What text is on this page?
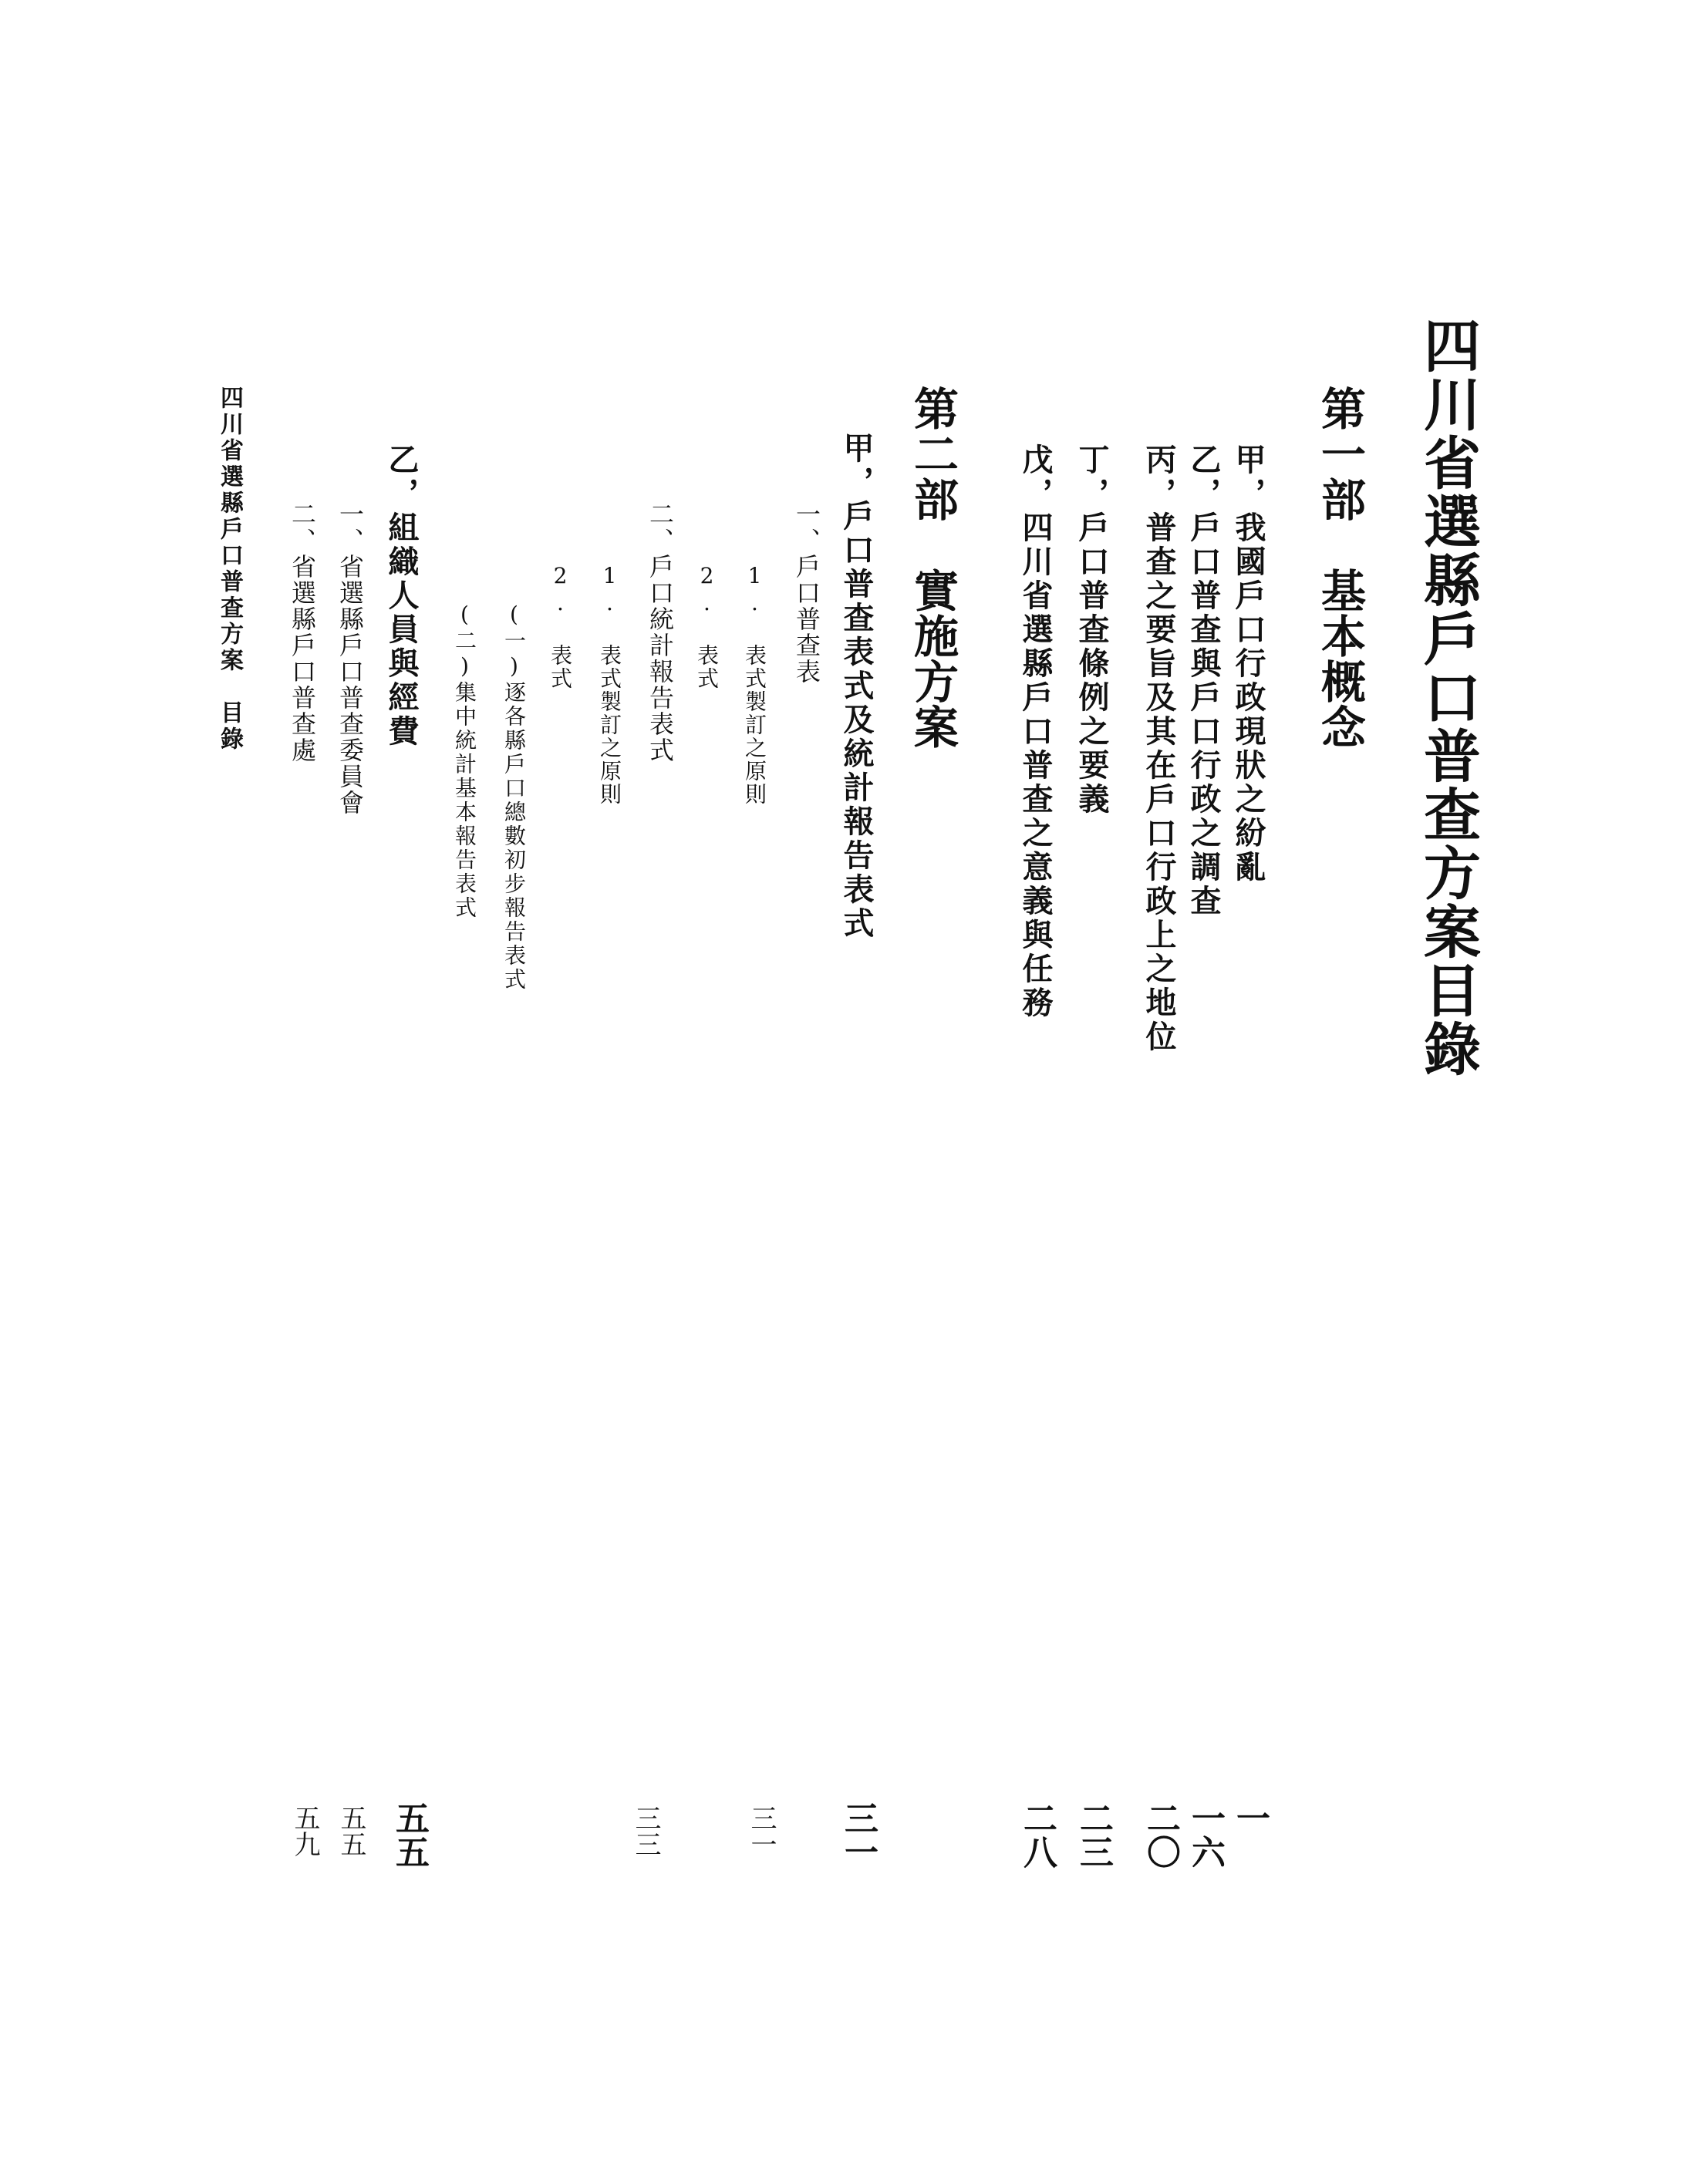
四川省選縣戶口普查方案目錄
第一部　基本概念
甲，我國戶口行政現狀之紛亂
乙，戶口普查與戶口行政之調查
丙，普查之要旨及其在戶口行政上之地位
丁，戶口普查條例之要義
戊，四川省選縣戶口普查之意義與任務
第二部　實施方案
甲，戶口普查表式及統計報告表式
一、戶口普查表
1. 表式製訂之原則
2. 表式
二、戶口統計報告表式
1. 表式製訂之原則
2. 表式
(一)逐各縣戶口總數初步報告表式
(二)集中統計基本報告表式
乙，組織人員與經費
一、省選縣戶口普查委員會
二、省選縣戶口普查處
四川省選縣戶口普查方案　目錄
一
一六
二〇
二三
二八
三一
三一
三三
五五
五五
五九
